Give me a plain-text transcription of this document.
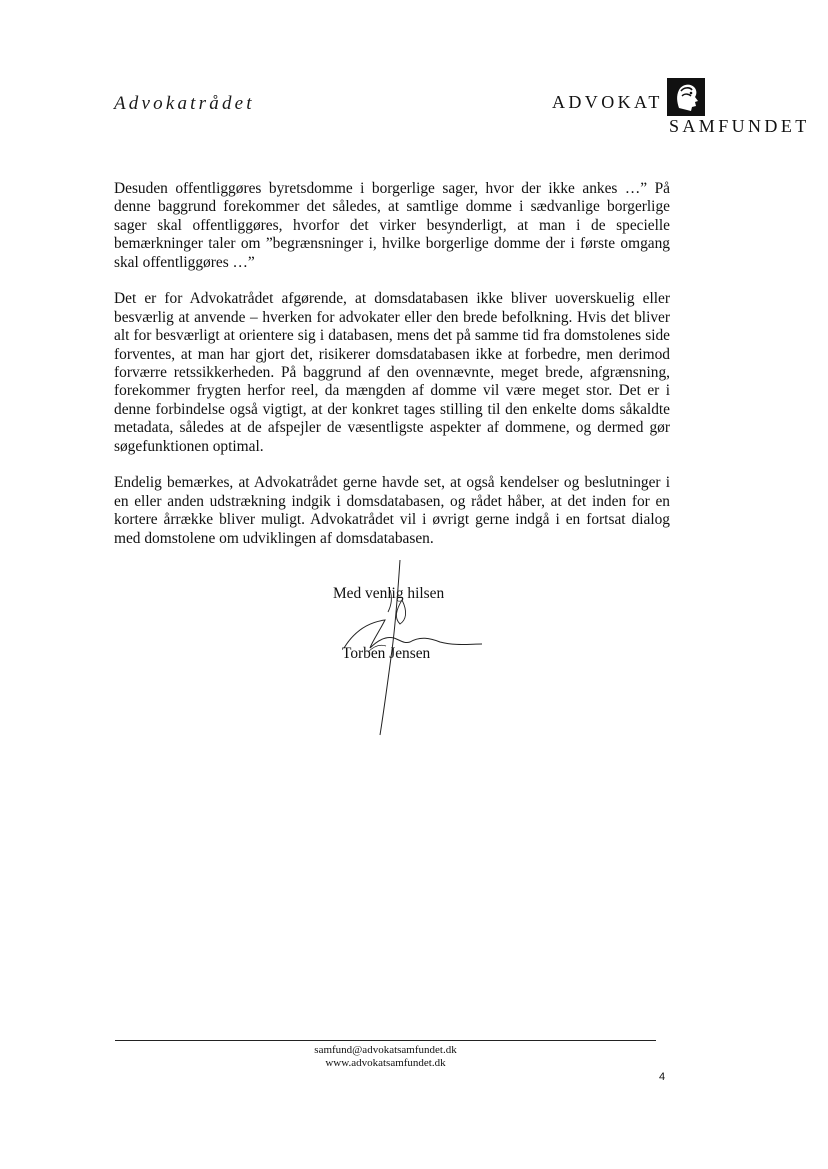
Advokatrådet	ADVOKAT
SAMFUNDET

Desuden offentliggøres byretsdomme i borgerlige sager, hvor der ikke ankes …” På denne baggrund forekommer det således, at samtlige domme i sædvanlige borgerlige sager skal offentliggøres, hvorfor det virker besynderligt, at man i de specielle bemærkninger taler om ”begrænsninger i, hvilke borgerlige domme der i første omgang skal offentliggøres …”

Det er for Advokatrådet afgørende, at domsdatabasen ikke bliver uoverskuelig eller besværlig at anvende – hverken for advokater eller den brede befolkning. Hvis det bliver alt for besværligt at orientere sig i databasen, mens det på samme tid fra domstolenes side forventes, at man har gjort det, risikerer domsdatabasen ikke at forbedre, men derimod forværre retssikkerheden. På baggrund af den ovennævnte, meget brede, afgrænsning, forekommer frygten herfor reel, da mængden af domme vil være meget stor. Det er i denne forbindelse også vigtigt, at der konkret tages stilling til den enkelte doms såkaldte metadata, således at de afspejler de væsentligste aspekter af dommene, og dermed gør søgefunktionen optimal.

Endelig bemærkes, at Advokatrådet gerne havde set, at også kendelser og beslutninger i en eller anden udstrækning indgik i domsdatabasen, og rådet håber, at det inden for en kortere årrække bliver muligt. Advokatrådet vil i øvrigt gerne indgå i en fortsat dialog med domstolene om udviklingen af domsdatabasen.

Med venlig hilsen
Torben Jensen
samfund@advokatsamfundet.dk
www.advokatsamfundet.dk
4
